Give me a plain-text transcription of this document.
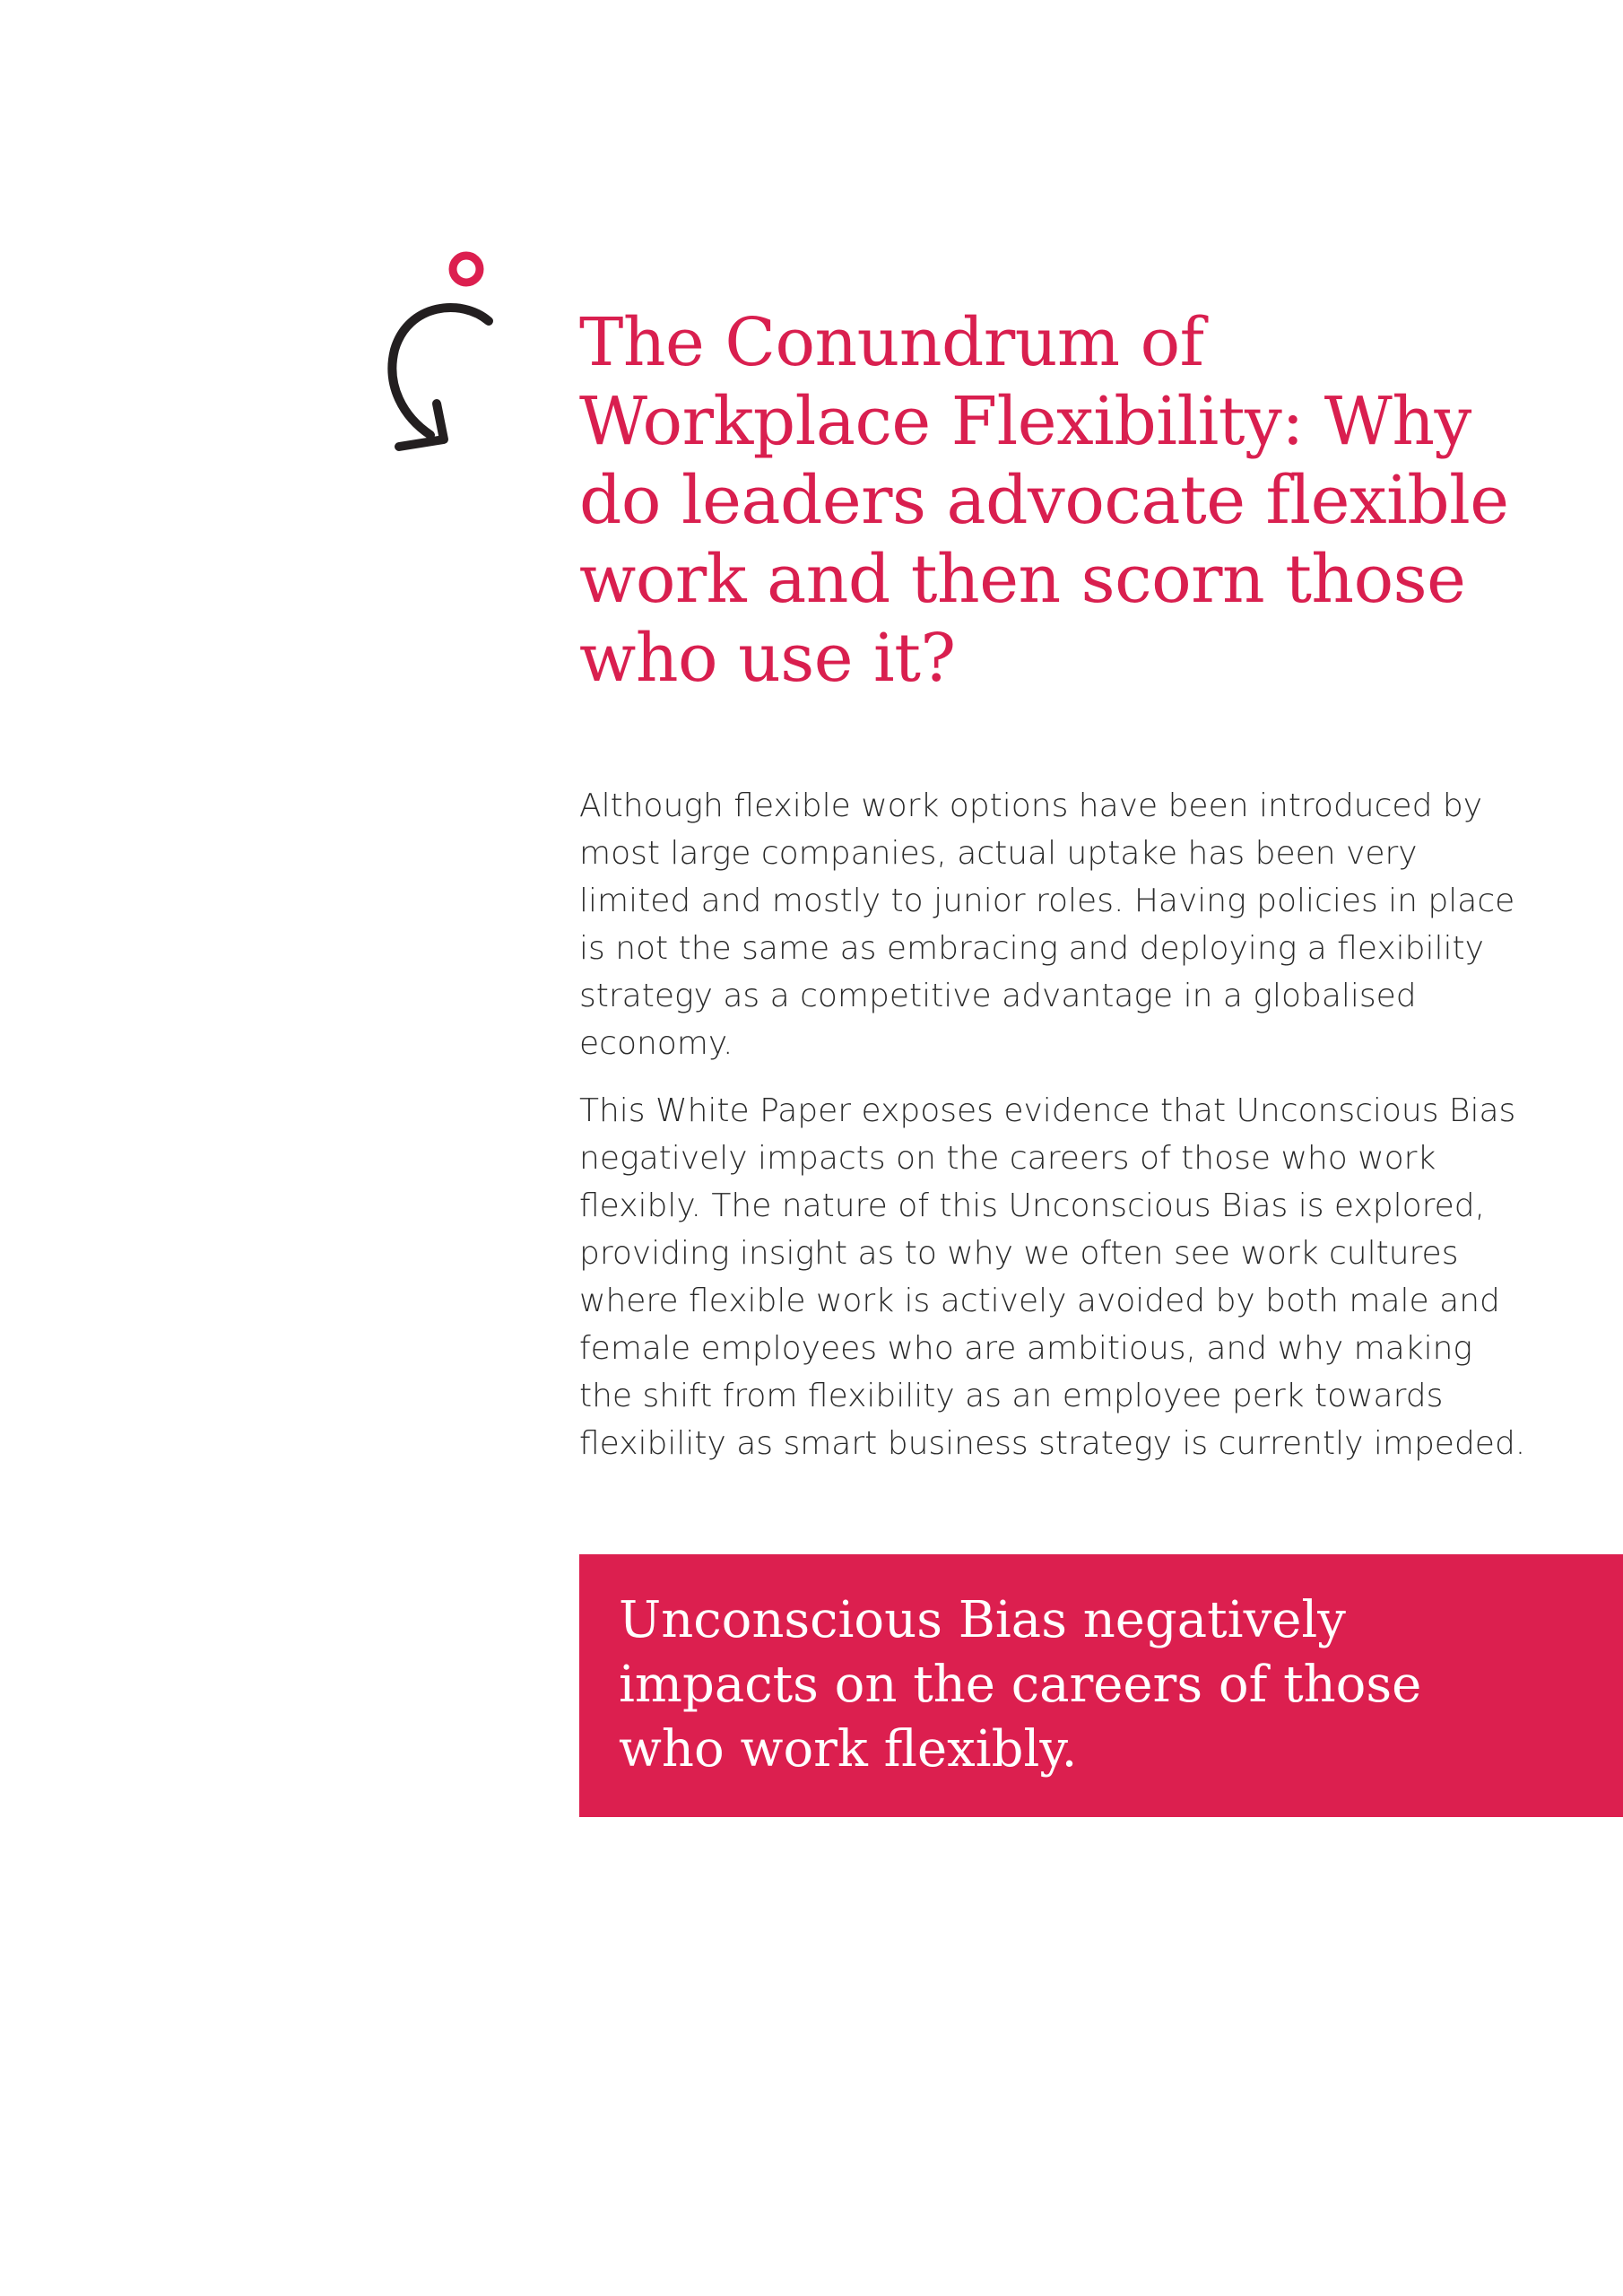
The Conundrum of Workplace Flexibility: Why do leaders advocate flexible work and then scorn those who use it?

Although flexible work options have been introduced by most large companies, actual uptake has been very limited and mostly to junior roles. Having policies in place is not the same as embracing and deploying a flexibility strategy as a competitive advantage in a globalised economy.

This White Paper exposes evidence that Unconscious Bias negatively impacts on the careers of those who work flexibly. The nature of this Unconscious Bias is explored, providing insight as to why we often see work cultures where flexible work is actively avoided by both male and female employees who are ambitious, and why making the shift from flexibility as an employee perk towards flexibility as smart business strategy is currently impeded.

Unconscious Bias negatively impacts on the careers of those who work flexibly.
